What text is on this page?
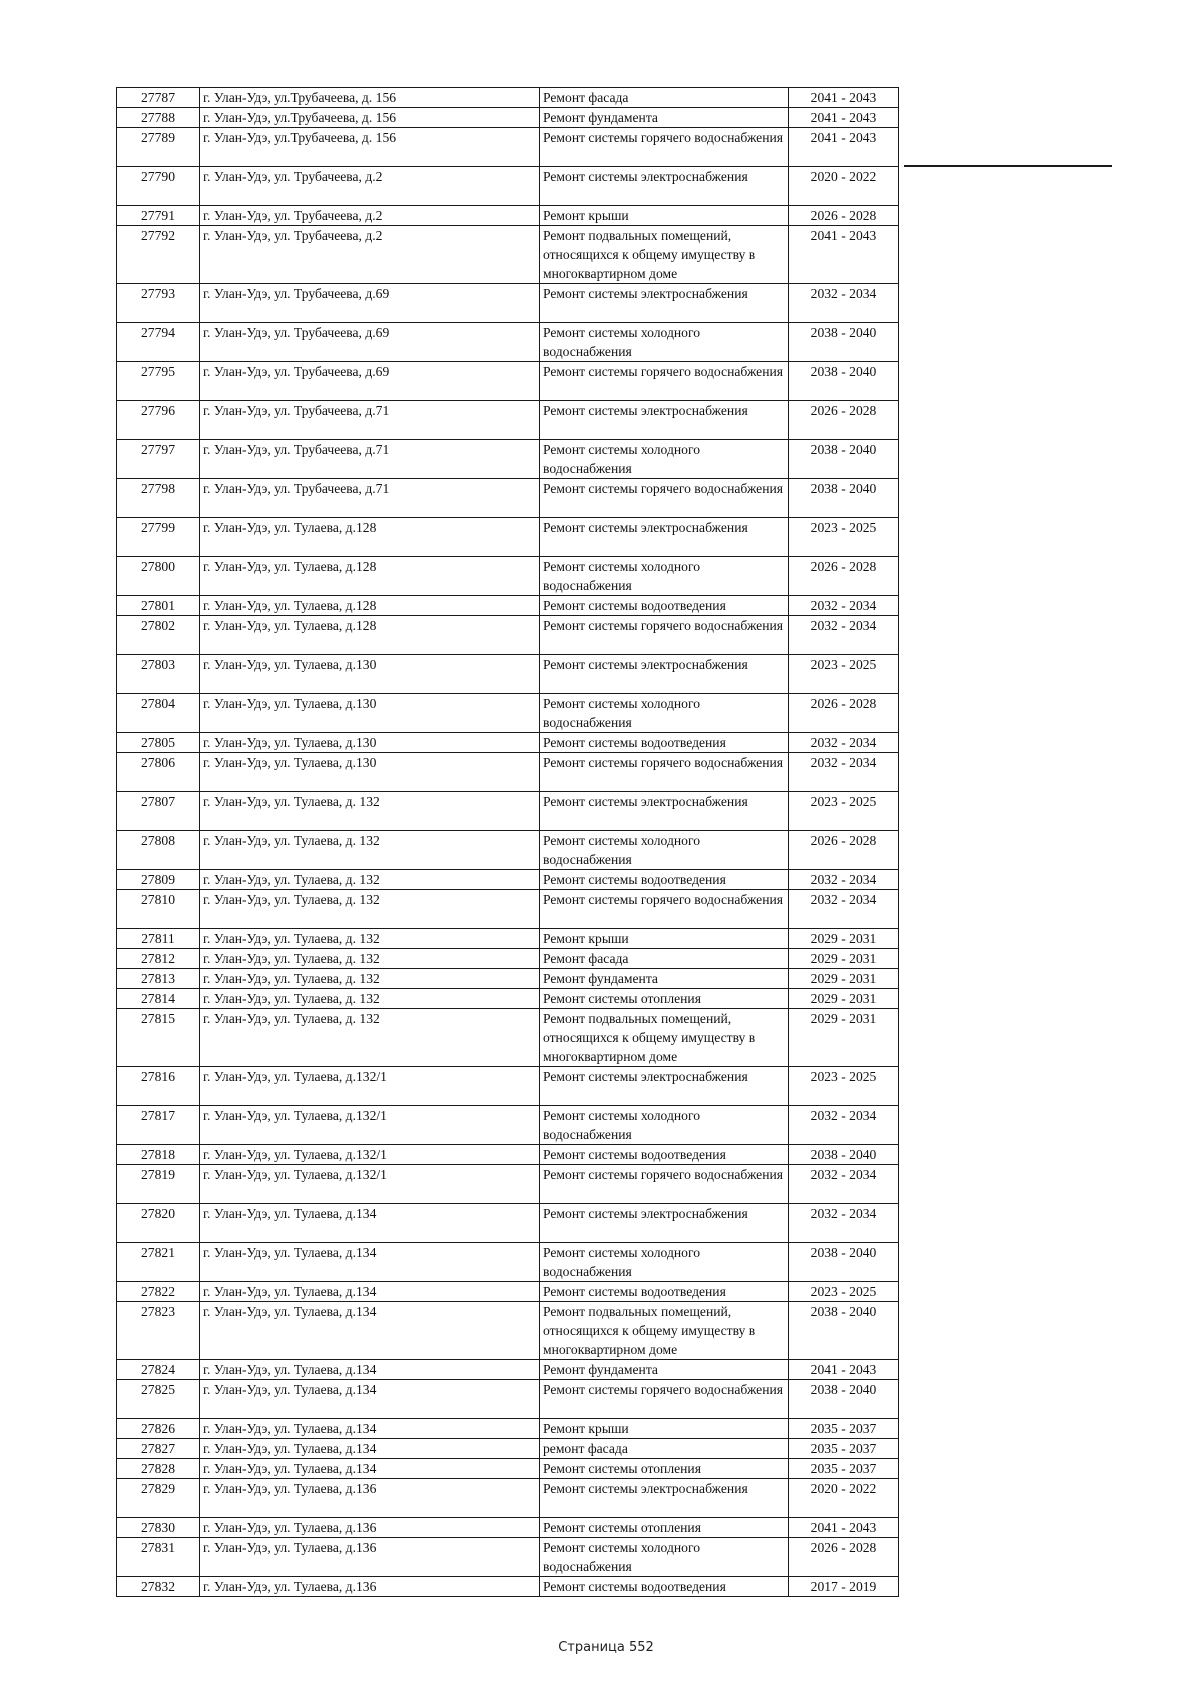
27787	г. Улан-Удэ, ул.Трубачеева, д. 156	Ремонт фасада	2041 - 2043
27788	г. Улан-Удэ, ул.Трубачеева, д. 156	Ремонт фундамента	2041 - 2043
27789	г. Улан-Удэ, ул.Трубачеева, д. 156	Ремонт системы горячего водоснабжения	2041 - 2043
27790	г. Улан-Удэ, ул. Трубачеева, д.2	Ремонт системы электроснабжения	2020 - 2022
27791	г. Улан-Удэ, ул. Трубачеева, д.2	Ремонт крыши	2026 - 2028
27792	г. Улан-Удэ, ул. Трубачеева, д.2	Ремонт подвальных помещений, относящихся к общему имуществу в многоквартирном доме	2041 - 2043
27793	г. Улан-Удэ, ул. Трубачеева, д.69	Ремонт системы электроснабжения	2032 - 2034
27794	г. Улан-Удэ, ул. Трубачеева, д.69	Ремонт системы холодного водоснабжения	2038 - 2040
27795	г. Улан-Удэ, ул. Трубачеева, д.69	Ремонт системы горячего водоснабжения	2038 - 2040
27796	г. Улан-Удэ, ул. Трубачеева, д.71	Ремонт системы электроснабжения	2026 - 2028
27797	г. Улан-Удэ, ул. Трубачеева, д.71	Ремонт системы холодного водоснабжения	2038 - 2040
27798	г. Улан-Удэ, ул. Трубачеева, д.71	Ремонт системы горячего водоснабжения	2038 - 2040
27799	г. Улан-Удэ, ул. Тулаева, д.128	Ремонт системы электроснабжения	2023 - 2025
27800	г. Улан-Удэ, ул. Тулаева, д.128	Ремонт системы холодного водоснабжения	2026 - 2028
27801	г. Улан-Удэ, ул. Тулаева, д.128	Ремонт системы водоотведения	2032 - 2034
27802	г. Улан-Удэ, ул. Тулаева, д.128	Ремонт системы горячего водоснабжения	2032 - 2034
27803	г. Улан-Удэ, ул. Тулаева, д.130	Ремонт системы электроснабжения	2023 - 2025
27804	г. Улан-Удэ, ул. Тулаева, д.130	Ремонт системы холодного водоснабжения	2026 - 2028
27805	г. Улан-Удэ, ул. Тулаева, д.130	Ремонт системы водоотведения	2032 - 2034
27806	г. Улан-Удэ, ул. Тулаева, д.130	Ремонт системы горячего водоснабжения	2032 - 2034
27807	г. Улан-Удэ, ул. Тулаева, д. 132	Ремонт системы электроснабжения	2023 - 2025
27808	г. Улан-Удэ, ул. Тулаева, д. 132	Ремонт системы холодного водоснабжения	2026 - 2028
27809	г. Улан-Удэ, ул. Тулаева, д. 132	Ремонт системы водоотведения	2032 - 2034
27810	г. Улан-Удэ, ул. Тулаева, д. 132	Ремонт системы горячего водоснабжения	2032 - 2034
27811	г. Улан-Удэ, ул. Тулаева, д. 132	Ремонт крыши	2029 - 2031
27812	г. Улан-Удэ, ул. Тулаева, д. 132	Ремонт фасада	2029 - 2031
27813	г. Улан-Удэ, ул. Тулаева, д. 132	Ремонт фундамента	2029 - 2031
27814	г. Улан-Удэ, ул. Тулаева, д. 132	Ремонт системы отопления	2029 - 2031
27815	г. Улан-Удэ, ул. Тулаева, д. 132	Ремонт подвальных помещений, относящихся к общему имуществу в многоквартирном доме	2029 - 2031
27816	г. Улан-Удэ, ул. Тулаева, д.132/1	Ремонт системы электроснабжения	2023 - 2025
27817	г. Улан-Удэ, ул. Тулаева, д.132/1	Ремонт системы холодного водоснабжения	2032 - 2034
27818	г. Улан-Удэ, ул. Тулаева, д.132/1	Ремонт системы водоотведения	2038 - 2040
27819	г. Улан-Удэ, ул. Тулаева, д.132/1	Ремонт системы горячего водоснабжения	2032 - 2034
27820	г. Улан-Удэ, ул. Тулаева, д.134	Ремонт системы электроснабжения	2032 - 2034
27821	г. Улан-Удэ, ул. Тулаева, д.134	Ремонт системы холодного водоснабжения	2038 - 2040
27822	г. Улан-Удэ, ул. Тулаева, д.134	Ремонт системы водоотведения	2023 - 2025
27823	г. Улан-Удэ, ул. Тулаева, д.134	Ремонт подвальных помещений, относящихся к общему имуществу в многоквартирном доме	2038 - 2040
27824	г. Улан-Удэ, ул. Тулаева, д.134	Ремонт фундамента	2041 - 2043
27825	г. Улан-Удэ, ул. Тулаева, д.134	Ремонт системы горячего водоснабжения	2038 - 2040
27826	г. Улан-Удэ, ул. Тулаева, д.134	Ремонт крыши	2035 - 2037
27827	г. Улан-Удэ, ул. Тулаева, д.134	ремонт фасада	2035 - 2037
27828	г. Улан-Удэ, ул. Тулаева, д.134	Ремонт системы отопления	2035 - 2037
27829	г. Улан-Удэ, ул. Тулаева, д.136	Ремонт системы электроснабжения	2020 - 2022
27830	г. Улан-Удэ, ул. Тулаева, д.136	Ремонт системы отопления	2041 - 2043
27831	г. Улан-Удэ, ул. Тулаева, д.136	Ремонт системы холодного водоснабжения	2026 - 2028
27832	г. Улан-Удэ, ул. Тулаева, д.136	Ремонт системы водоотведения	2017 - 2019
Страница 552
